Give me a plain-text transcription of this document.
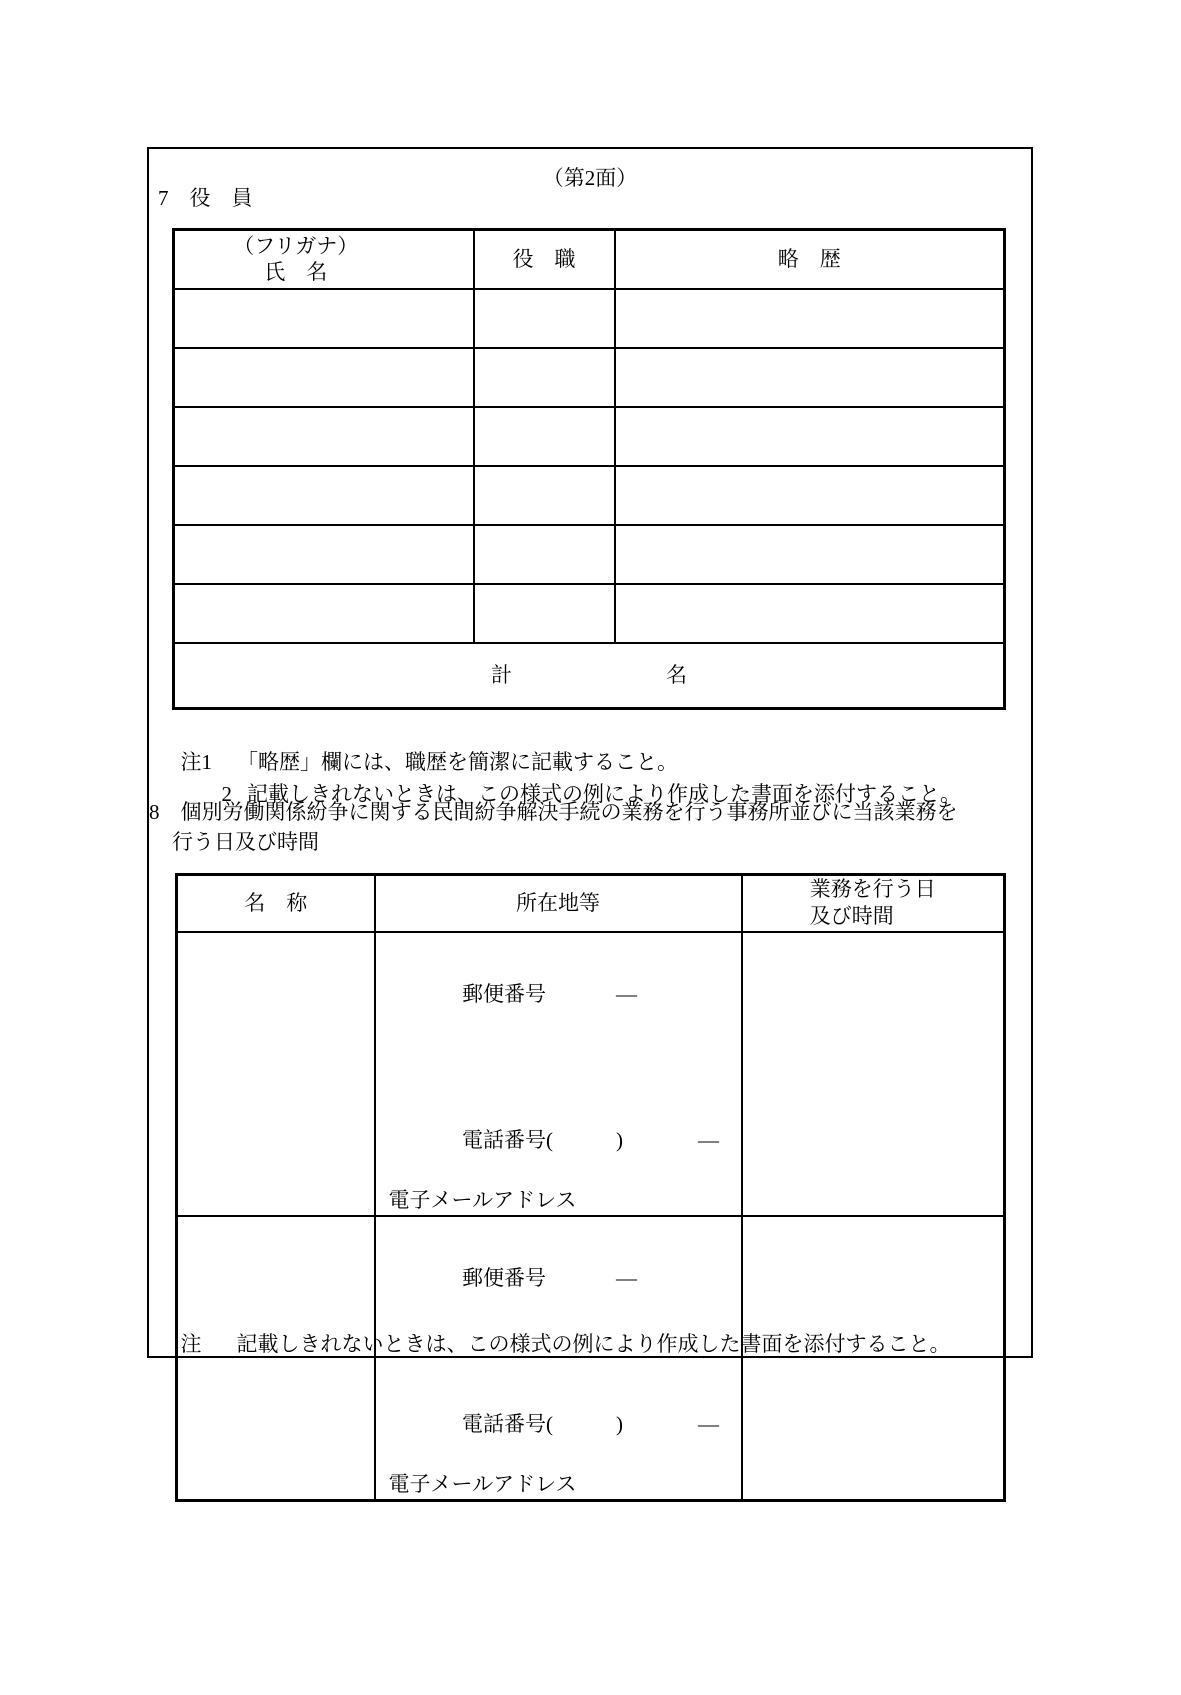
（第2面）
7　役　員
（フリガナ）
氏　名	役　職	略　歴

計 名		

注1 「略歴」欄には、職歴を簡潔に記載すること。

2 記載しきれないときは、この様式の例により作成した書面を添付すること。

8　個別労働関係紛争に関する民間紛争解決手続の業務を行う事務所並びに当該業務を
行う日及び時間
名　称	所在地等	業務を行う日
及び時間

郵便番号 ―

電話番号(　　　) ―

電子メールアドレス	

郵便番号 ―

電話番号(　　　) ―

電子メールアドレス	

注 記載しきれないときは、この様式の例により作成した書面を添付すること。
